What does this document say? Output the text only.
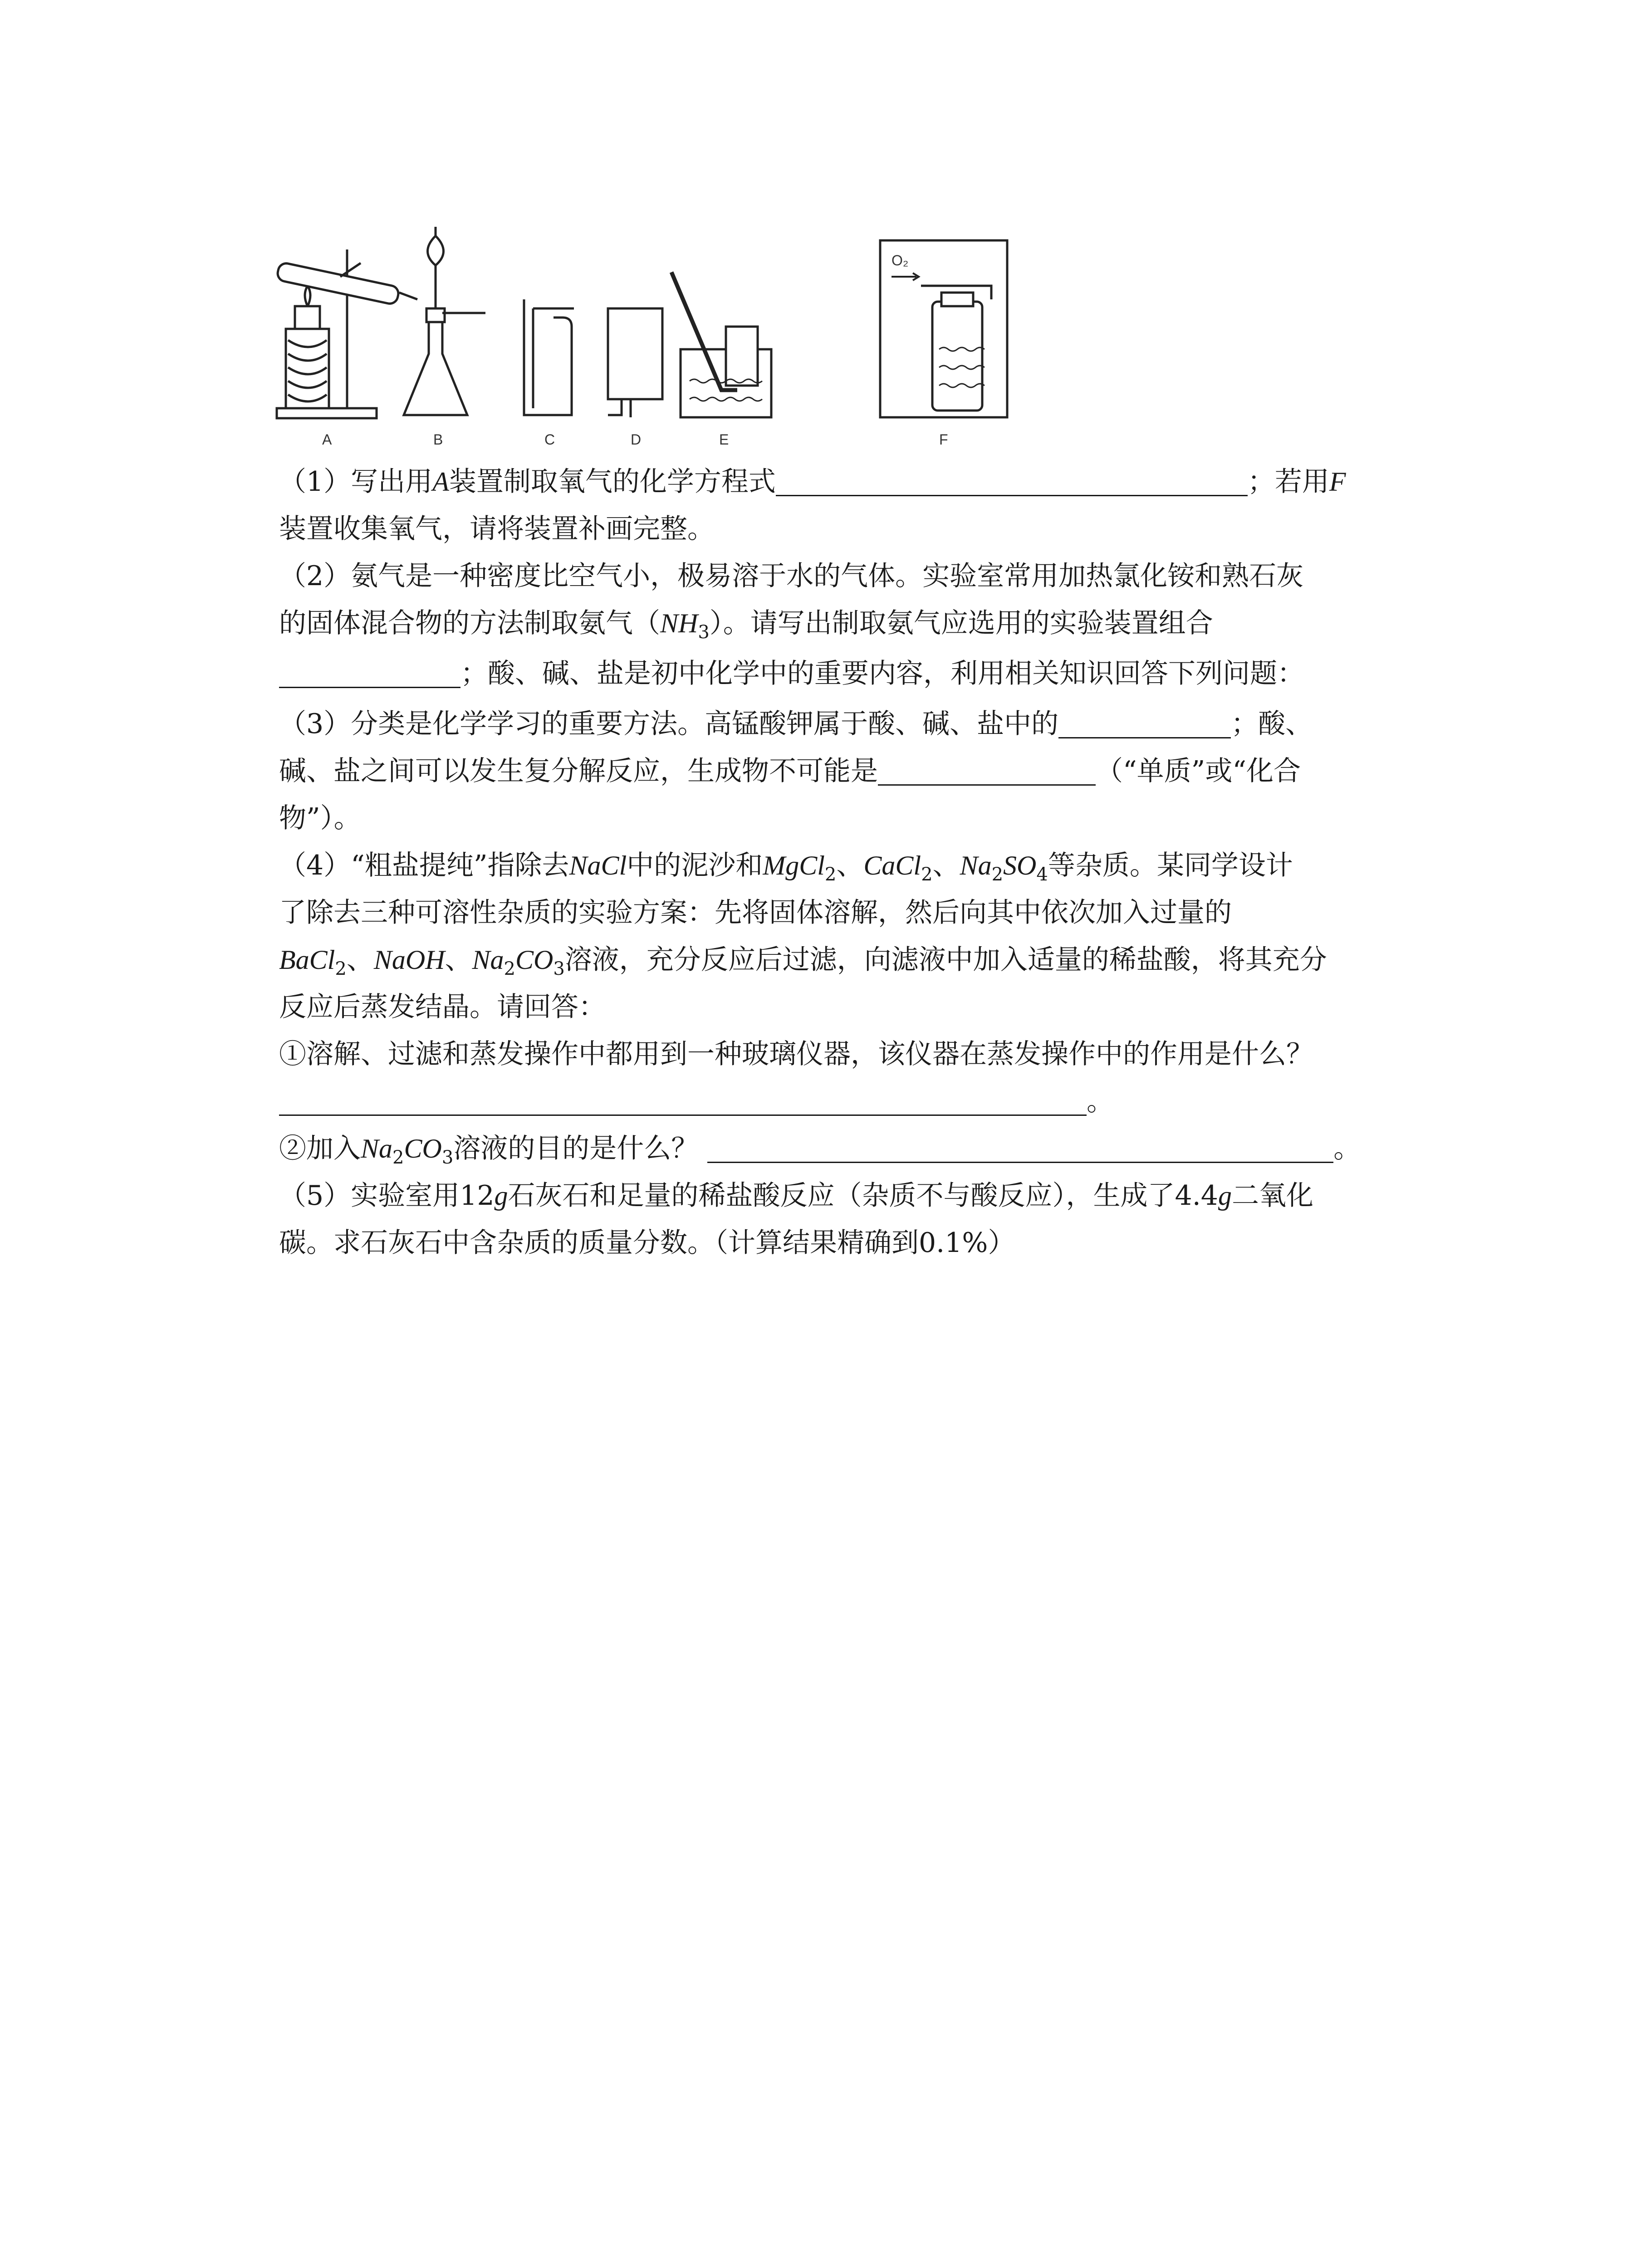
O₂
A	B	C	D	E	F
（1）写出用A装置制取氧气的化学方程式	；若用F
装置收集氧气，请将装置补画完整。
（2）氨气是一种密度比空气小，极易溶于水的气体。实验室常用加热氯化铵和熟石灰
的固体混合物的方法制取氨气$(NH_3)$。请写出制取氨气应选用的实验装置组合
；酸、碱、盐是初中化学中的重要内容，利用相关知识回答下列问题：
（3）分类是化学学习的重要方法。高锰酸钾属于酸、碱、盐中的	；酸、
碱、盐之间可以发生复分解反应，生成物不可能是	（“单质”或“化合
物”）。
（4）“粗盐提纯”指除去NaCl中的泥沙和MgCl$_2$、CaCl$_2$、$Na_2SO_4$等杂质。某同学设计
了除去三种可溶性杂质的实验方案：先将固体溶解，然后向其中依次加入过量的
BaCl$_2$、NaOH、$Na_2CO_3$溶液，充分反应后过滤，向滤液中加入适量的稀盐酸，将其充分
反应后蒸发结晶。请回答：
①溶解、过滤和蒸发操作中都用到一种玻璃仪器，该仪器在蒸发操作中的作用是什么？
。
②加入$Na_2CO_3$溶液的目的是什么？	。
（5）实验室用12g石灰石和足量的稀盐酸反应（杂质不与酸反应），生成了4.4g二氧化
碳。求石灰石中含杂质的质量分数。（计算结果精确到0.1%）
